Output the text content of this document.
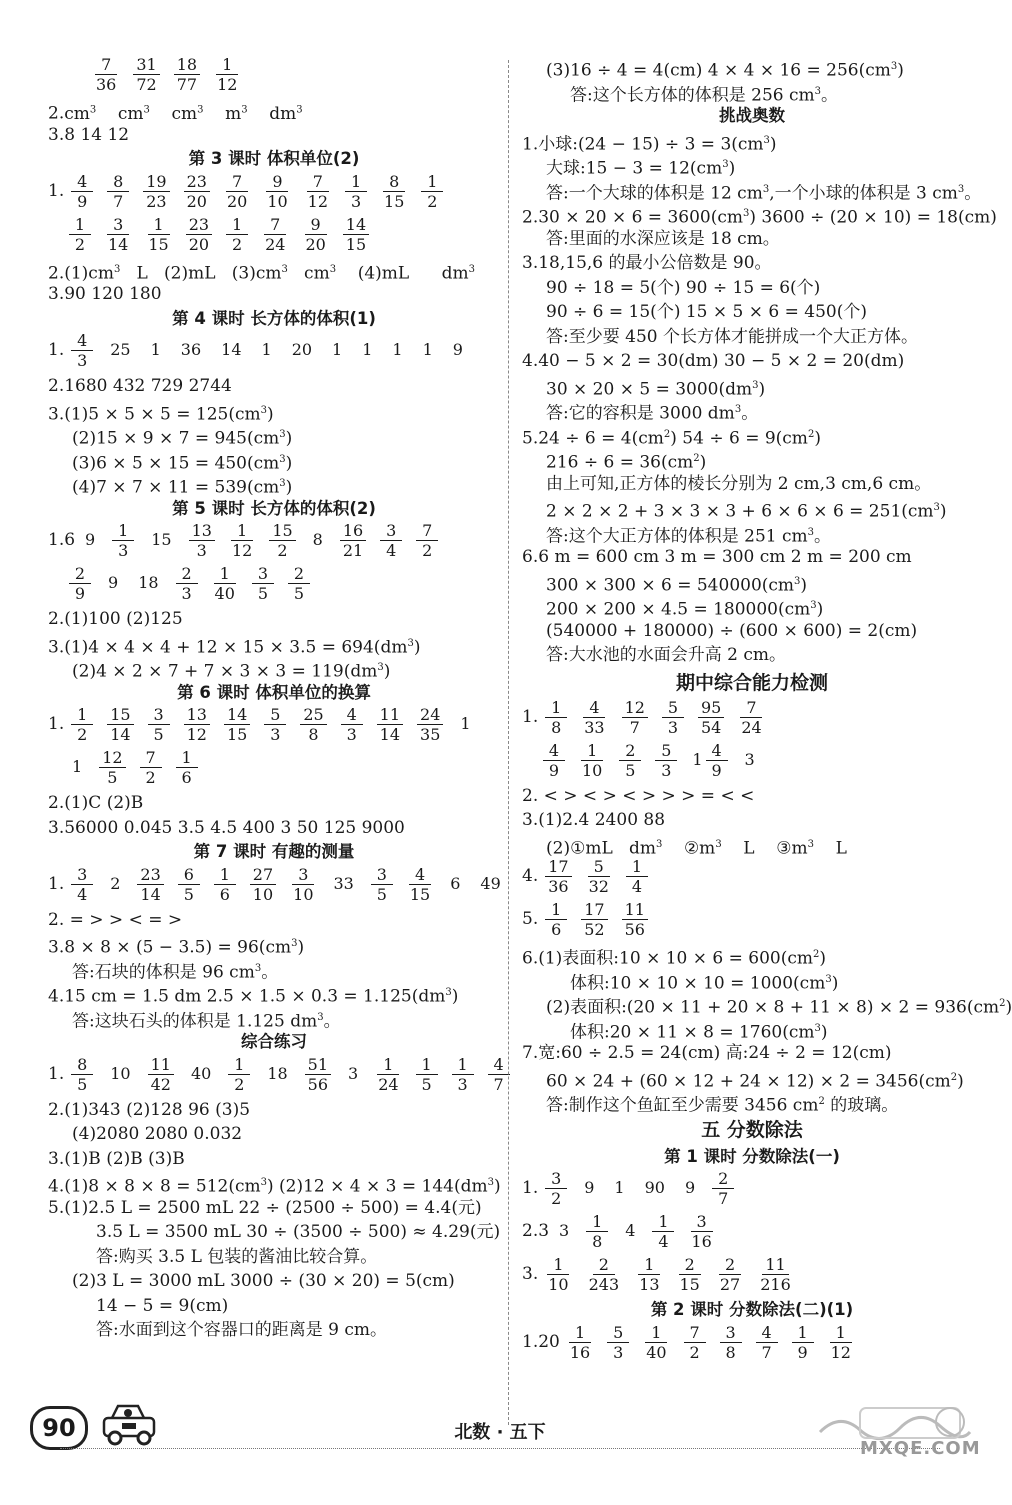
$\frac{7}{36} \frac{31}{72} \frac{18}{77} \frac{1}{12}$
$2.cm^3$    $cm^3$    $cm^3$    $m^3$    $dm^3$
3.8 14 12
第 3 课时 体积单位(2)
1. $\frac{4}{9} \frac{8}{7} \frac{19}{23} \frac{23}{20} \frac{7}{20} \frac{9}{10} \frac{7}{12} \frac{1}{3} \frac{8}{15} \frac{1}{2}$
$\frac{1}{2} \frac{3}{14} \frac{1}{15} \frac{23}{20} \frac{1}{2} \frac{7}{24} \frac{9}{20} \frac{14}{15}$
$2.(1)cm^3$   L   (2)mL   $(3)cm^3$   $cm^3$    (4)mL      $dm^3$
3.90 120 180
第 4 课时 长方体的体积(1)
1. $\frac{4}{3} 25$ 1 36 14 1 20 1 1 1 1 9
2.1680 432 729 2744
$3.(1)5 \times 5 \times 5 = 125(cm^3)$
$(2)15 \times 9 \times 7 = 945(cm^3)$
$(3)6 \times 5 \times 15 = 450(cm^3)$
$(4)7 \times 7 \times 11 = 539(cm^3)$
第 5 课时 长方体的体积(2)
1.6 $9 \frac{1}{3} 15 \frac{13}{3} \frac{1}{12} \frac{15}{2} 8 \frac{16}{21} \frac{3}{4} \frac{7}{2}$
$\frac{2}{9} 9$ $18 \frac{2}{3} \frac{1}{40} \frac{3}{5} \frac{2}{5}$
2.(1)100 (2)125
$3.(1)4 \times 4 \times 4 + 12 \times 15 \times 3.5 = 694(dm^3)$
$(2)4 \times 2 \times 7 + 7 \times 3 \times 3 = 119(dm^3)$
第 6 课时 体积单位的换算
1. $\frac{1}{2} \frac{15}{14} \frac{3}{5} \frac{13}{12} \frac{14}{15} \frac{5}{3} \frac{25}{8} \frac{4}{3} \frac{11}{14} \frac{24}{35} 1$
$1 \frac{12}{5} \frac{7}{2} \frac{1}{6}$
2.(1)C (2)B
3.56000 0.045 3.5 4.5 400 3 50 125 9000
第 7 课时 有趣的测量
1. $\frac{3}{4} 2 \frac{23}{14} \frac{6}{5} \frac{1}{6} \frac{27}{10} \frac{3}{10} 33 \frac{3}{5} \frac{4}{15} 6$ 49
2. = > > < = >
$3.8 \times 8 \times (5 - 3.5) = 96(cm^3)$
答:石块的体积是 96 $cm^3$。
4.15 cm = 1.5 dm $2.5 \times 1.5 \times 0.3 = 1.125(dm^3)$
答:这块石头的体积是 1.125 $dm^3$。
综合练习
1. $\frac{8}{5} 10 \frac{11}{42} 40 \frac{1}{2} 18 \frac{51}{56} 3 \frac{1}{24} \frac{1}{5} \frac{1}{3} \frac{4}{7}$
2.(1)343 (2)128 96 (3)5
(4)2080 2080 0.032
3.(1)B (2)B (3)B
$4.(1)8 \times 8 \times 8 = 512(cm^3) (2)12 \times 4 \times 3 = 144(dm^3)$
5.(1)2.5 L = 2500 mL 22 ÷ (2500 ÷ 500) = 4.4(元)
3.5 L = 3500 mL 30 ÷ (3500 ÷ 500) ≈ 4.29(元)
答:购买 3.5 L 包装的酱油比较合算。
(2)3 L = 3000 mL 3000 ÷ (30 × 20) = 5(cm)
14 − 5 = 9(cm)
答:水面到这个容器口的距离是 9 cm。
(3)16 ÷ 4 = 4(cm) $4 \times 4 \times 16 = 256(cm^3)$
答:这个长方体的体积是 256 $cm^3$。
挑战奥数
1.小球:(24 − $15) \div 3 = 3(cm^3)$
大球:15 − $3 = 12(cm^3)$
答:一个大球的体积是 12 $cm^3$,一个小球的体积是 3 $cm^3$。
$2.30 \times 20 \times 6 = 3600(cm^3) 3600 \div (20 \times 10) = 18(cm)$
答:里面的水深应该是 18 cm。
3.18,15,6 的最小公倍数是 90。
90 ÷ 18 = 5(个) 90 ÷ 15 = 6(个)
90 ÷ 6 = 15(个) 15 × 5 × 6 = 450(个)
答:至少要 450 个长方体才能拼成一个大正方体。
4.40 − 5 × 2 = 30(dm) 30 − 5 × 2 = 20(dm)
$30 \times 20 \times 5 = 3000(dm^3)$
答:它的容积是 3000 $dm^3$。
$5.24 \div 6 = 4(cm^2) 54 \div 6 = 9(cm^2)$
$216 \div 6 = 36(cm^2)$
由上可知,正方体的棱长分别为 2 cm,3 cm,6 cm。
$2 \times 2 \times 2 + 3 \times 3 \times 3 + 6 \times 6 \times 6 = 251(cm^3)$
答:这个大正方体的体积是 251 $cm^3$。
6.6 m = 600 cm 3 m = 300 cm 2 m = 200 cm
$300 \times 300 \times 6 = 540000(cm^3)$
$200 \times 200 \times 4.5 = 180000(cm^3)$
(540000 + 180000) ÷ (600 × 600) = 2(cm)
答:大水池的水面会升高 2 cm。
期中综合能力检测
1. $\frac{1}{8} \frac{4}{33} \frac{12}{7} \frac{5}{3} \frac{95}{54} \frac{7}{24}$
$\frac{4}{9} \frac{1}{10} \frac{2}{5} \frac{5}{3} 1 \frac{4}{9} 3$
2. < > < > < > > > = < <
3.(1)2.4 2400 88
(2)①mL   $dm^3$    $②m^3$    L    $③m^3$    L
4. $\frac{17}{36} \frac{5}{32} \frac{1}{4}$
5. $\frac{1}{6} \frac{17}{52} \frac{11}{56}$
6.(1)表面积:10 × $10 \times 6 = 600(cm^2)$
体积:10 × $10 \times 10 = 1000(cm^3)$
(2)表面积:(20 × $11 + 20 \times 8 + 11 \times 8) \times 2 = 936(cm^2)$
体积:20 × $11 \times 8 = 1760(cm^3)$
7.宽:60 ÷ 2.5 = 24(cm) 高:24 ÷ 2 = 12(cm)
$60 \times 24 + (60 \times 12 + 24 \times 12) \times 2 = 3456(cm^2)$
答:制作这个鱼缸至少需要 3456 $cm^2$ 的玻璃。
五 分数除法
第 1 课时 分数除法(一)
1. $\frac{3}{2} 9$ 1 90 $9 \frac{2}{7}$
2.3 $3 \frac{1}{8} 4 \frac{1}{4} \frac{3}{16}$
3. $\frac{1}{10} \frac{2}{243} \frac{1}{13} \frac{2}{15} \frac{2}{27} \frac{11}{216}$
第 2 课时 分数除法(二)(1)
$1.20 \frac{1}{16} \frac{5}{3} \frac{1}{40} \frac{7}{2} \frac{3}{8} \frac{4}{7} \frac{1}{9} \frac{1}{12}$
90	北数 · 五下
MXQE.COM
